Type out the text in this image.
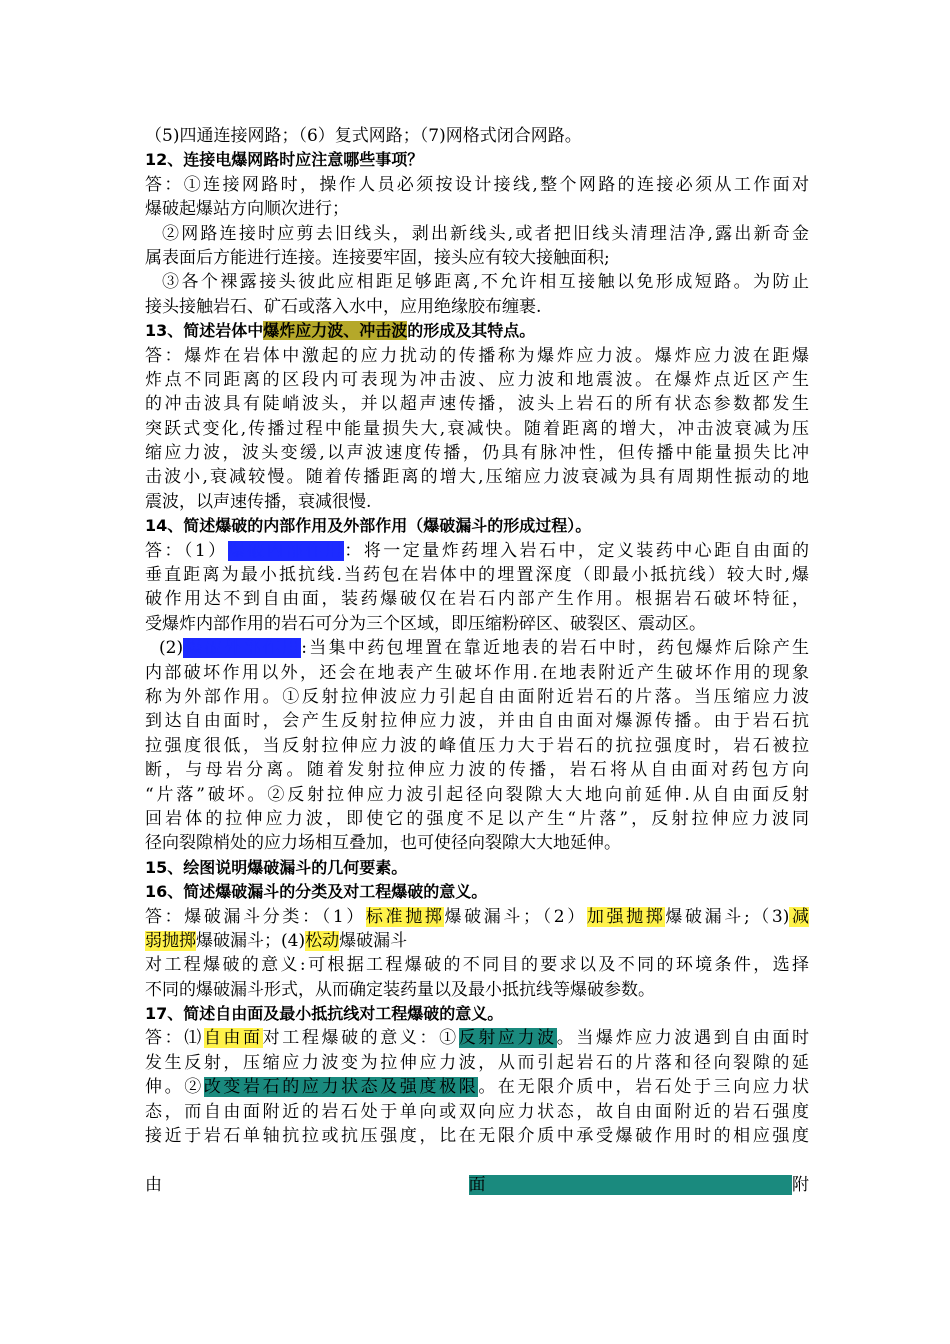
（5)四通连接网路；（6）复式网路；（7)网格式闭合网路。
12、连接电爆网路时应注意哪些事项？
答：①连接网路时，操作人员必须按设计接线,整个网路的连接必须从工作面对
爆破起爆站方向顺次进行；
②网路连接时应剪去旧线头，剥出新线头,或者把旧线头清理洁净,露出新奇金
属表面后方能进行连接。连接要牢固，接头应有较大接触面积;
③各个裸露接头彼此应相距足够距离,不允许相互接触以免形成短路。为防止
接头接触岩石、矿石或落入水中，应用绝缘胶布缠裹.
13、简述岩体中爆炸应力波、冲击波的形成及其特点。
答：爆炸在岩体中激起的应力扰动的传播称为爆炸应力波。爆炸应力波在距爆
炸点不同距离的区段内可表现为冲击波、应力波和地震波。在爆炸点近区产生
的冲击波具有陡峭波头，并以超声速传播，波头上岩石的所有状态参数都发生
突跃式变化,传播过程中能量损失大,衰减快。随着距离的增大，冲击波衰减为压
缩应力波，波头变缓,以声波速度传播，仍具有脉冲性，但传播中能量损失比冲
击波小,衰减较慢。随着传播距离的增大,压缩应力波衰减为具有周期性振动的地
震波，以声速传播，衰减很慢.
14、简述爆破的内部作用及外部作用（爆破漏斗的形成过程）。
答：（1）爆破内部作用：将一定量炸药埋入岩石中，定义装药中心距自由面的
垂直距离为最小抵抗线.当药包在岩体中的埋置深度（即最小抵抗线）较大时,爆
破作用达不到自由面，装药爆破仅在岩石内部产生作用。根据岩石破坏特征，
受爆炸内部作用的岩石可分为三个区域，即压缩粉碎区、破裂区、震动区。
(2)爆破外部作用:当集中药包埋置在靠近地表的岩石中时，药包爆炸后除产生
内部破坏作用以外，还会在地表产生破坏作用.在地表附近产生破坏作用的现象
称为外部作用。①反射拉伸波应力引起自由面附近岩石的片落。当压缩应力波
到达自由面时，会产生反射拉伸应力波，并由自由面对爆源传播。由于岩石抗
拉强度很低，当反射拉伸应力波的峰值压力大于岩石的抗拉强度时，岩石被拉
断，与母岩分离。随着发射拉伸应力波的传播，岩石将从自由面对药包方向
“片落”破坏。②反射拉伸应力波引起径向裂隙大大地向前延伸.从自由面反射
回岩体的拉伸应力波，即使它的强度不足以产生“片落”，反射拉伸应力波同
径向裂隙梢处的应力场相互叠加，也可使径向裂隙大大地延伸。
15、绘图说明爆破漏斗的几何要素。
16、简述爆破漏斗的分类及对工程爆破的意义。
答：爆破漏斗分类：（1）标准抛掷爆破漏斗；（2）加强抛掷爆破漏斗;（3)减
弱抛掷爆破漏斗；(4)松动爆破漏斗
对工程爆破的意义:可根据工程爆破的不同目的要求以及不同的环境条件，选择
不同的爆破漏斗形式，从而确定装药量以及最小抵抗线等爆破参数。
17、简述自由面及最小抵抗线对工程爆破的意义。
答：⑴自由面对工程爆破的意义：①反射应力波。当爆炸应力波遇到自由面时
发生反射，压缩应力波变为拉伸应力波，从而引起岩石的片落和径向裂隙的延
伸。②改变岩石的应力状态及强度极限。在无限介质中，岩石处于三向应力状
态，而自由面附近的岩石处于单向或双向应力状态，故自由面附近的岩石强度
接近于岩石单轴抗拉或抗压强度，比在无限介质中承受爆破作用时的相应强度
由面附
